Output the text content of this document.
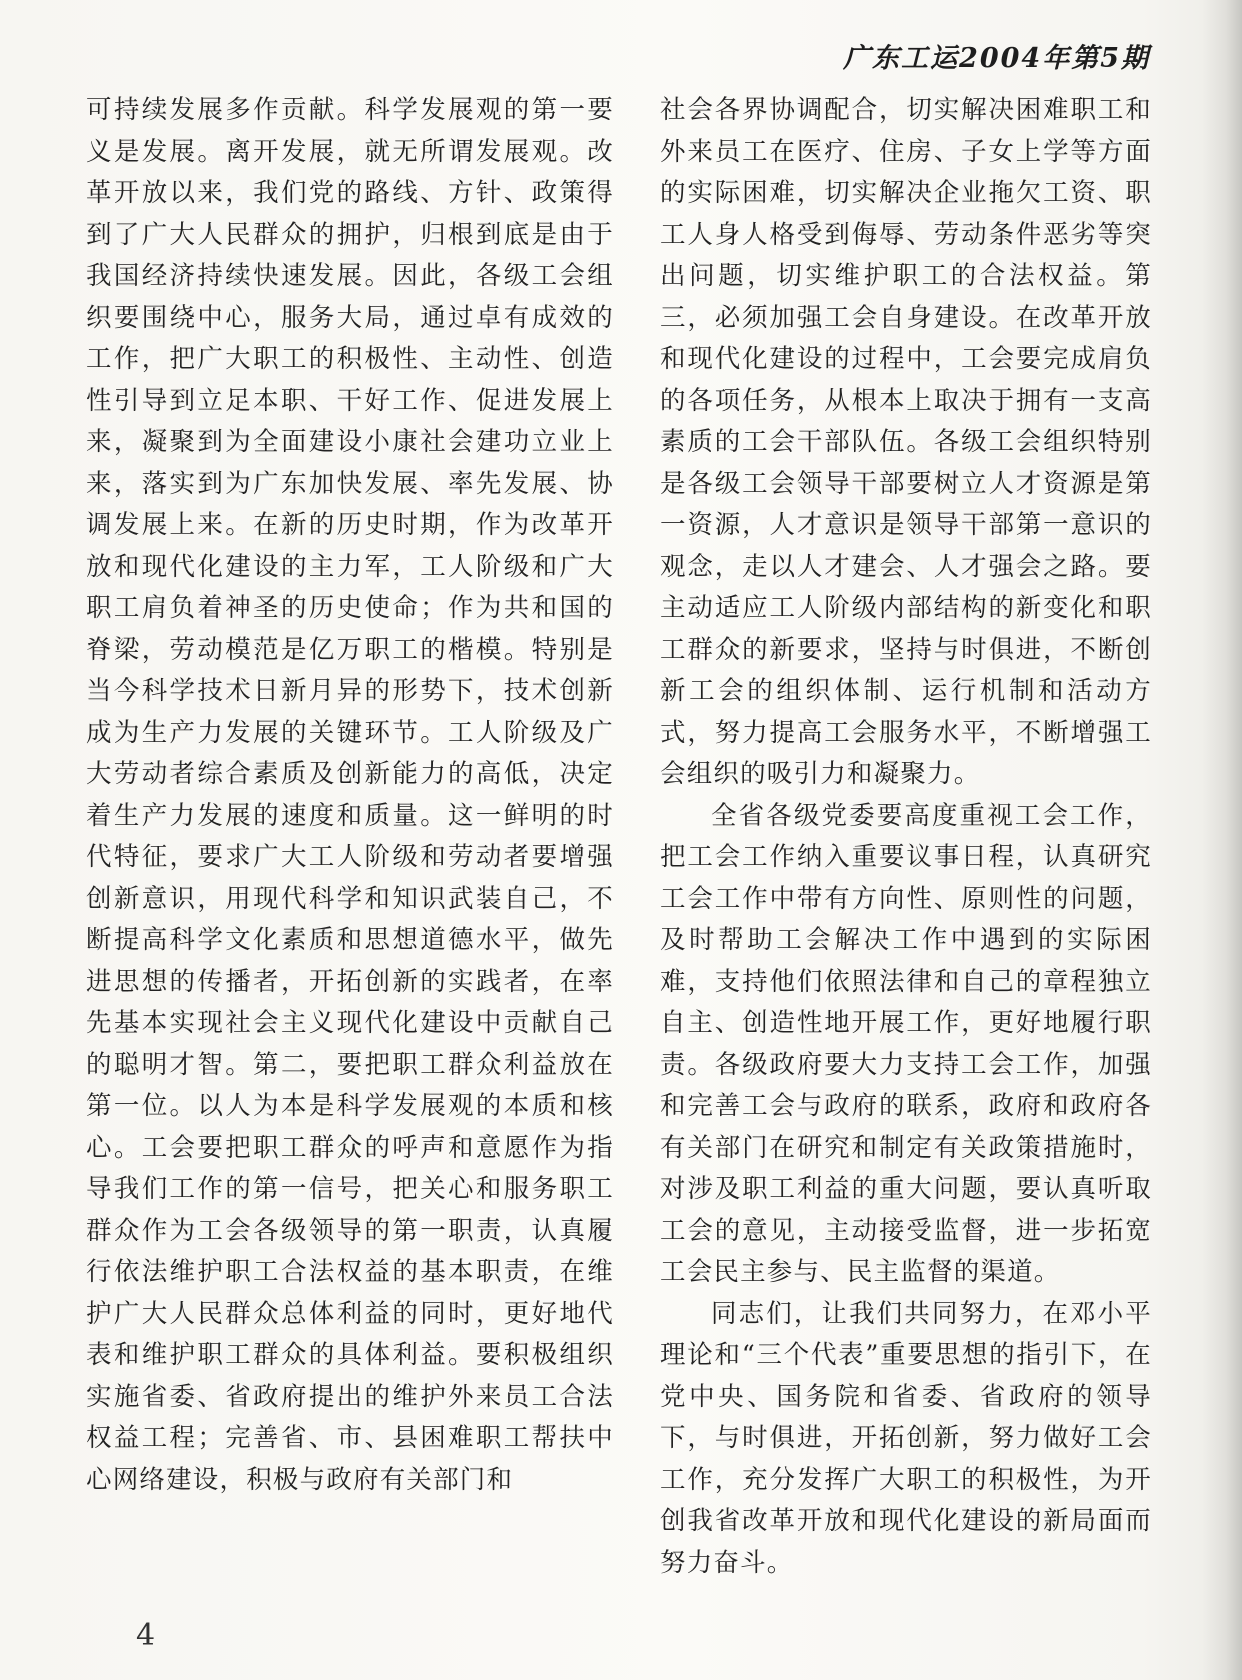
广东工运2004年第5期

可持续发展多作贡献。科学发展观的第一要义是发展。离开发展，就无所谓发展观。改革开放以来，我们党的路线、方针、政策得到了广大人民群众的拥护，归根到底是由于我国经济持续快速发展。因此，各级工会组织要围绕中心，服务大局，通过卓有成效的工作，把广大职工的积极性、主动性、创造性引导到立足本职、干好工作、促进发展上来，凝聚到为全面建设小康社会建功立业上来，落实到为广东加快发展、率先发展、协调发展上来。在新的历史时期，作为改革开放和现代化建设的主力军，工人阶级和广大职工肩负着神圣的历史使命；作为共和国的脊梁，劳动模范是亿万职工的楷模。特别是当今科学技术日新月异的形势下，技术创新成为生产力发展的关键环节。工人阶级及广大劳动者综合素质及创新能力的高低，决定着生产力发展的速度和质量。这一鲜明的时代特征，要求广大工人阶级和劳动者要增强创新意识，用现代科学和知识武装自己，不断提高科学文化素质和思想道德水平，做先进思想的传播者，开拓创新的实践者，在率先基本实现社会主义现代化建设中贡献自己的聪明才智。第二，要把职工群众利益放在第一位。以人为本是科学发展观的本质和核心。工会要把职工群众的呼声和意愿作为指导我们工作的第一信号，把关心和服务职工群众作为工会各级领导的第一职责，认真履行依法维护职工合法权益的基本职责，在维护广大人民群众总体利益的同时，更好地代表和维护职工群众的具体利益。要积极组织实施省委、省政府提出的维护外来员工合法权益工程；完善省、市、县困难职工帮扶中心网络建设，积极与政府有关部门和

社会各界协调配合，切实解决困难职工和外来员工在医疗、住房、子女上学等方面的实际困难，切实解决企业拖欠工资、职工人身人格受到侮辱、劳动条件恶劣等突出问题，切实维护职工的合法权益。第三，必须加强工会自身建设。在改革开放和现代化建设的过程中，工会要完成肩负的各项任务，从根本上取决于拥有一支高素质的工会干部队伍。各级工会组织特别是各级工会领导干部要树立人才资源是第一资源，人才意识是领导干部第一意识的观念，走以人才建会、人才强会之路。要主动适应工人阶级内部结构的新变化和职工群众的新要求，坚持与时俱进，不断创新工会的组织体制、运行机制和活动方式，努力提高工会服务水平，不断增强工会组织的吸引力和凝聚力。

全省各级党委要高度重视工会工作，把工会工作纳入重要议事日程，认真研究工会工作中带有方向性、原则性的问题，及时帮助工会解决工作中遇到的实际困难，支持他们依照法律和自己的章程独立自主、创造性地开展工作，更好地履行职责。各级政府要大力支持工会工作，加强和完善工会与政府的联系，政府和政府各有关部门在研究和制定有关政策措施时，对涉及职工利益的重大问题，要认真听取工会的意见，主动接受监督，进一步拓宽工会民主参与、民主监督的渠道。

同志们，让我们共同努力，在邓小平理论和“三个代表”重要思想的指引下，在党中央、国务院和省委、省政府的领导下，与时俱进，开拓创新，努力做好工会工作，充分发挥广大职工的积极性，为开创我省改革开放和现代化建设的新局面而努力奋斗。

4
